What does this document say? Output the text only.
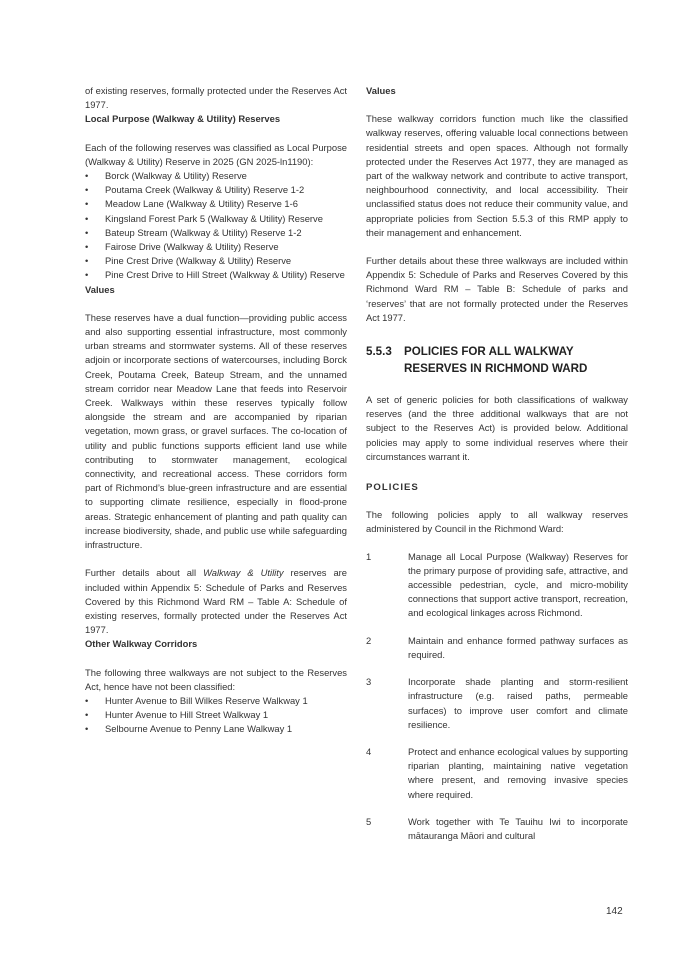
of existing reserves, formally protected under the Reserves Act 1977.

Local Purpose (Walkway & Utility) Reserves

Each of the following reserves was classified as Local Purpose (Walkway & Utility) Reserve in 2025 (GN 2025-ln1190):

• Borck (Walkway & Utility) Reserve
• Poutama Creek (Walkway & Utility) Reserve 1-2
• Meadow Lane (Walkway & Utility) Reserve 1-6
• Kingsland Forest Park 5 (Walkway & Utility) Reserve
• Bateup Stream (Walkway & Utility) Reserve 1-2
• Fairose Drive (Walkway & Utility) Reserve
• Pine Crest Drive (Walkway & Utility) Reserve
• Pine Crest Drive to Hill Street (Walkway & Utility) Reserve

Values

These reserves have a dual function—providing public access and also supporting essential infrastructure, most commonly urban streams and stormwater systems. All of these reserves adjoin or incorporate sections of watercourses, including Borck Creek, Poutama Creek, Bateup Stream, and the unnamed stream corridor near Meadow Lane that feeds into Reservoir Creek. Walkways within these reserves typically follow alongside the stream and are accompanied by riparian vegetation, mown grass, or gravel surfaces. The co-location of utility and public functions supports efficient land use while contributing to stormwater management, ecological connectivity, and recreational access. These corridors form part of Richmond’s blue-green infrastructure and are essential to supporting climate resilience, especially in flood-prone areas. Strategic enhancement of planting and path quality can increase biodiversity, shade, and public use while safeguarding infrastructure.

Further details about all Walkway & Utility reserves are included within Appendix 5: Schedule of Parks and Reserves Covered by this Richmond Ward RM – Table A: Schedule of existing reserves, formally protected under the Reserves Act 1977.

Other Walkway Corridors

The following three walkways are not subject to the Reserves Act, hence have not been classified:

• Hunter Avenue to Bill Wilkes Reserve Walkway 1
• Hunter Avenue to Hill Street Walkway 1
• Selbourne Avenue to Penny Lane Walkway 1

Values

These walkway corridors function much like the classified walkway reserves, offering valuable local connections between residential streets and open spaces. Although not formally protected under the Reserves Act 1977, they are managed as part of the walkway network and contribute to active transport, neighbourhood connectivity, and local accessibility. Their unclassified status does not reduce their community value, and appropriate policies from Section 5.5.3 of this RMP apply to their management and enhancement.

Further details about these three walkways are included within Appendix 5: Schedule of Parks and Reserves Covered by this Richmond Ward RM – Table B: Schedule of parks and ‘reserves’ that are not formally protected under the Reserves Act 1977.

5.5.3	POLICIES FOR ALL WALKWAY RESERVES IN RICHMOND WARD

A set of generic policies for both classifications of walkway reserves (and the three additional walkways that are not subject to the Reserves Act) is provided below. Additional policies may apply to some individual reserves where their circumstances warrant it.

POLICIES

The following policies apply to all walkway reserves administered by Council in the Richmond Ward:

1	Manage all Local Purpose (Walkway) Reserves for the primary purpose of providing safe, attractive, and accessible pedestrian, cycle, and micro-mobility connections that support active transport, recreation, and ecological linkages across Richmond.
2	Maintain and enhance formed pathway surfaces as required.
3	Incorporate shade planting and storm-resilient infrastructure (e.g. raised paths, permeable surfaces) to improve user comfort and climate resilience.
4	Protect and enhance ecological values by supporting riparian planting, maintaining native vegetation where present, and removing invasive species where required.
5	Work together with Te Tauihu Iwi to incorporate mātauranga Māori and cultural
142
